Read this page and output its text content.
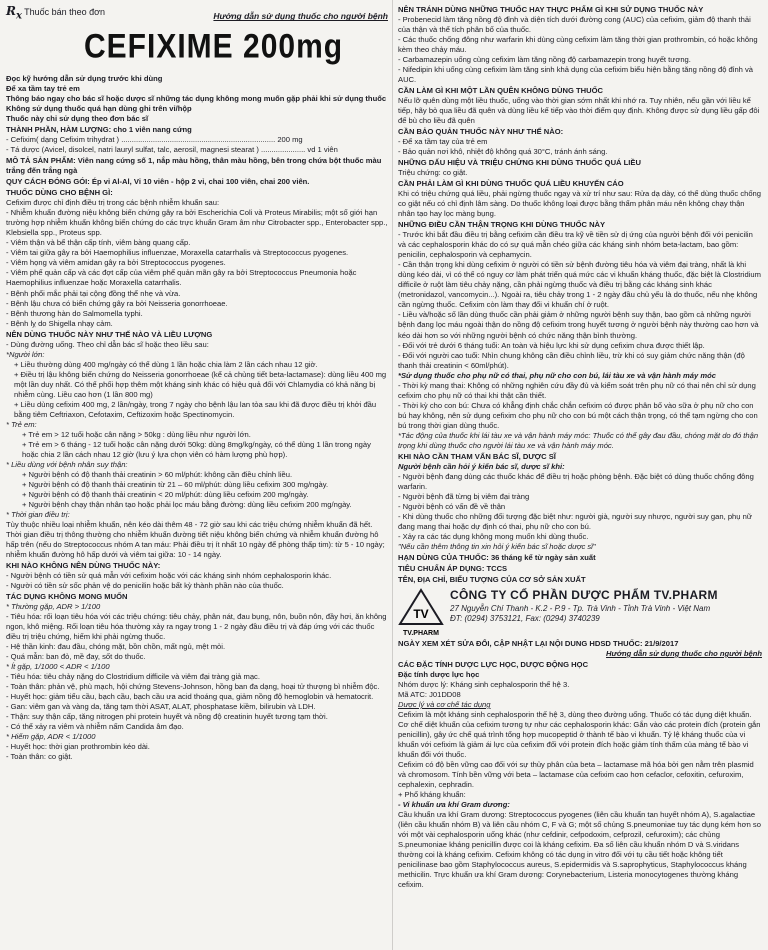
$R_x$ Thuốc bán theo đơn	Hướng dẫn sử dụng thuốc cho người bệnh
CEFIXIME 200mg

Đọc kỹ hướng dẫn sử dụng trước khi dùng

Để xa tầm tay trẻ em

Thông báo ngay cho bác sĩ hoặc dược sĩ những tác dụng không mong muốn gặp phải khi sử dụng thuốc

Không sử dụng thuốc quá hạn dùng ghi trên vỉ/hộp

Thuốc này chỉ sử dụng theo đơn bác sĩ

THÀNH PHẦN, HÀM LƯỢNG: cho 1 viên nang cứng

- Cefixim( dạng Cefixim trihydrat ) ......................................................................... 200 mg

- Tá dược (Avicel, disolcel, natri lauryl sulfat, talc, aerosil, magnesi stearat ) ..................... vd 1 viên

MÔ TẢ SẢN PHẨM: Viên nang cứng số 1, nắp màu hồng, thân màu hồng, bên trong chứa bột thuốc màu trắng đến trắng ngà

QUY CÁCH ĐÓNG GÓI: Ép vỉ Al-Al, Vỉ 10 viên - hộp 2 vỉ, chai 100 viên, chai 200 viên.

THUỐC DÙNG CHO BỆNH GÌ:

Cefixim được chỉ định điều trị trong các bệnh nhiễm khuẩn sau:

- Nhiễm khuẩn đường niệu không biến chứng gây ra bởi Escherichia Coli và Proteus Mirabilis; một số giới hạn trường hợp nhiễm khuẩn không biến chứng do các trực khuẩn Gram âm như Citrobacter spp., Enterobacter spp., Klebsiella spp., Proteus spp.

- Viêm thận và bể thận cấp tính, viêm bàng quang cấp.

- Viêm tai giữa gây ra bởi Haemophilius influenzae, Moraxella catarrhalis và Streptococcus pyogenes.

- Viêm họng và viêm amidan gây ra bởi Streptococcus pyogenes.

- Viêm phế quản cấp và các đợt cấp của viêm phế quản mãn gây ra bởi Streptococcus Pneumonia hoặc Haemophilius influenzae hoặc Moraxella catarrhalis.

- Bệnh phổi mắc phải tại cộng đồng thể nhẹ và vừa.

- Bệnh lậu chưa có biến chứng gây ra bởi Neisseria gonorrhoeae.

- Bệnh thương hàn do Salmomella typhi.

- Bệnh lỵ do Shigella nhạy cảm.

NÊN DÙNG THUỐC NÀY NHƯ THẾ NÀO VÀ LIỀU LƯỢNG

- Dùng đường uống. Theo chỉ dẫn bác sĩ hoặc theo liều sau:

*Người lớn:

+ Liều thường dùng 400 mg/ngày có thể dùng 1 lần hoặc chia làm 2 lần cách nhau 12 giờ.

+ Điều trị lậu không biến chứng do Neisseria gonorrhoeae (kể cả chủng tiết beta-lactamase): dùng liều 400 mg một lần duy nhất. Có thể phối hợp thêm một kháng sinh khác có hiệu quả đối với Chlamydia có khả năng bị nhiễm cùng. Liều cao hơn (1 lần 800 mg)

+ Liều dùng cefixim 400 mg, 2 lần/ngày, trong 7 ngày cho bệnh lậu lan tỏa sau khi đã được điều trị khởi đầu bằng tiêm Ceftriaxon, Cefotaxim, Ceftizoxim hoặc Spectinomycin.

* Trẻ em:

+ Trẻ em > 12 tuổi hoặc cân nặng > 50kg : dùng liều như người lớn.

+ Trẻ em > 6 tháng - 12 tuổi hoặc cân nặng dưới 50kg: dùng 8mg/kg/ngày, có thể dùng 1 lần trong ngày hoặc chia 2 lần cách nhau 12 giờ (lưu ý lựa chọn viên có hàm lượng phù hợp).

* Liều dùng với bệnh nhân suy thận:

+ Người bệnh có độ thanh thải creatinin > 60 ml/phút: không cần điều chỉnh liều.

+ Người bệnh có độ thanh thải creatinin từ 21 – 60 ml/phút: dùng liều cefixim 300 mg/ngày.

+ Người bệnh có độ thanh thải creatinin < 20 ml/phút: dùng liều cefixim 200 mg/ngày.

+ Người bệnh chạy thận nhân tạo hoặc phải lọc máu bằng đường: dùng liều cefixim 200 mg/ngày.

* Thời gian điều trị:

Tùy thuộc nhiều loại nhiễm khuẩn, nên kéo dài thêm 48 - 72 giờ sau khi các triệu chứng nhiễm khuẩn đã hết. Thời gian điều trị thông thường cho nhiễm khuẩn đường tiết niệu không biến chứng và nhiễm khuẩn đường hô hấp trên (nếu do Streptococcus nhóm A tan máu: Phải điều trị ít nhất 10 ngày để phòng thấp tim): từ 5 - 10 ngày; nhiễm khuẩn đường hô hấp dưới và viêm tai giữa: 10 - 14 ngày.

KHI NÀO KHÔNG NÊN DÙNG THUỐC NÀY:

- Người bệnh có tiền sử quá mẫn với cefixim hoặc với các kháng sinh nhóm cephalosporin khác.

- Người có tiền sử sốc phản vệ do penicilin hoặc bất kỳ thành phần nào của thuốc.

TÁC DỤNG KHÔNG MONG MUỐN

* Thường gặp, ADR > 1/100

- Tiêu hóa: rối loạn tiêu hóa với các triệu chứng: tiêu chảy, phân nát, đau bụng, nôn, buồn nôn, đầy hơi, ăn không ngon, khô miệng. Rối loạn tiêu hóa thường xảy ra ngay trong 1 - 2 ngày đầu điều trị và đáp ứng với các thuốc điều trị triệu chứng, hiếm khi phải ngừng thuốc.

- Hệ thần kinh: đau đầu, chóng mặt, bồn chồn, mất ngủ, mệt mỏi.

- Quá mẫn: ban đỏ, mề đay, sốt do thuốc.

* Ít gặp, 1/1000 < ADR < 1/100

- Tiêu hóa: tiêu chảy nặng do Clostridium difficile và viêm đại tràng giả mạc.

- Toàn thân: phản vệ, phù mạch, hội chứng Stevens-Johnson, hồng ban đa dạng, hoại tử thượng bì nhiễm độc.

- Huyết học: giảm tiểu cầu, bạch cầu, bạch cầu ưa acid thoáng qua, giảm nồng độ hemoglobin và hematocrit.

- Gan: viêm gan và vàng da, tăng tạm thời ASAT, ALAT, phosphatase kiềm, bilirubin và LDH.

- Thận: suy thận cấp, tăng nitrogen phi protein huyết và nồng độ creatinin huyết tương tạm thời.

- Có thể xảy ra viêm và nhiễm nấm Candida âm đạo.

* Hiếm gặp, ADR < 1/1000

- Huyết học: thời gian prothrombin kéo dài.

- Toàn thân: co giật.

NÊN TRÁNH DÙNG NHỮNG THUỐC HAY THỰC PHẨM GÌ KHI SỬ DỤNG THUỐC NÀY

- Probenecid làm tăng nồng độ đỉnh và diện tích dưới đường cong (AUC) của cefixim, giảm độ thanh thải của thận và thể tích phân bố của thuốc.

- Các thuốc chống đông như warfarin khi dùng cùng cefixim làm tăng thời gian prothrombin, có hoặc không kèm theo chảy máu.

- Carbamazepin uống cùng cefixim làm tăng nồng độ carbamazepin trong huyết tương.

- Nifedipin khi uống cùng cefixim làm tăng sinh khả dụng của cefixim biểu hiện bằng tăng nồng độ đỉnh và AUC.

CẦN LÀM GÌ KHI MỘT LẦN QUÊN KHÔNG DÙNG THUỐC

Nếu lỡ quên dùng một liều thuốc, uống vào thời gian sớm nhất khi nhớ ra. Tuy nhiên, nếu gần với liều kế tiếp, hãy bỏ qua liều đã quên và dùng liều kế tiếp vào thời điểm quy định. Không được sử dụng liều gấp đôi để bù cho liều đã quên

CẦN BẢO QUẢN THUỐC NÀY NHƯ THẾ NÀO:

- Để xa tầm tay của trẻ em

- Bảo quản nơi khô, nhiệt độ không quá 30°C, tránh ánh sáng.

NHỮNG DẤU HIỆU VÀ TRIỆU CHỨNG KHI DÙNG THUỐC QUÁ LIỀU

Triệu chứng: co giật.

CẦN PHẢI LÀM GÌ KHI DÙNG THUỐC QUÁ LIỀU KHUYẾN CÁO

Khi có triệu chứng quá liều, phải ngừng thuốc ngay và xử trí như sau: Rửa dạ dày, có thể dùng thuốc chống co giật nếu có chỉ định lâm sàng. Do thuốc không loại được bằng thẩm phân máu nên không chạy thận nhân tạo hay lọc màng bụng.

NHỮNG ĐIỀU CẦN THẬN TRỌNG KHI DÙNG THUỐC NÀY

- Trước khi bắt đầu điều trị bằng cefixim cần điều tra kỹ về tiền sử dị ứng của người bệnh đối với penicilin và các cephalosporin khác do có sự quá mẫn chéo giữa các kháng sinh nhóm beta-lactam, bao gồm: penicilin, cephalosporin và cephamycin.

- Cần thận trọng khi dùng cefixim ở người có tiền sử bệnh đường tiêu hóa và viêm đại tràng, nhất là khi dùng kéo dài, vì có thể có nguy cơ làm phát triển quá mức các vi khuẩn kháng thuốc, đặc biệt là Clostridium difficile ở ruột làm tiêu chảy nặng, cần phải ngừng thuốc và điều trị bằng các kháng sinh khác (metronidazol, vancomycin...). Ngoài ra, tiêu chảy trong 1 - 2 ngày đầu chủ yếu là do thuốc, nếu nhẹ không cần ngừng thuốc. Cefixim còn làm thay đổi vi khuẩn chí ở ruột.

- Liều và/hoặc số lần dùng thuốc cần phải giảm ở những người bệnh suy thận, bao gồm cả những người bệnh đang lọc máu ngoài thận do nồng độ cefixim trong huyết tương ở người bệnh này thường cao hơn và kéo dài hơn so với những người bệnh có chức năng thận bình thường.

- Đối với trẻ dưới 6 tháng tuổi: An toàn và hiệu lực khi sử dụng cefixim chưa được thiết lập.

- Đối với người cao tuổi: Nhìn chung không cần điều chỉnh liều, trừ khi có suy giảm chức năng thận (độ thanh thải creatinin < 60ml/phút).

*Sử dụng thuốc cho phụ nữ có thai, phụ nữ cho con bú, lái tàu xe và vận hành máy móc

- Thời kỳ mang thai: Không có những nghiên cứu đầy đủ và kiểm soát trên phụ nữ có thai nên chỉ sử dụng cefixim cho phụ nữ có thai khi thật cần thiết.

- Thời kỳ cho con bú: Chưa có khẳng định chắc chắn cefixim có được phân bố vào sữa ở phụ nữ cho con bú hay không, nên sử dụng cefixim cho phụ nữ cho con bú một cách thận trọng, có thể tạm ngừng cho con bú trong thời gian dùng thuốc.

*Tác động của thuốc khi lái tàu xe và vận hành máy móc: Thuốc có thể gây đau đầu, chóng mặt do đó thận trọng khi dùng thuốc cho người lái tàu xe và vận hành máy móc.

KHI NÀO CẦN THAM VẤN BÁC SĨ, DƯỢC SĨ

Người bệnh cần hỏi ý kiến bác sĩ, dược sĩ khi:

- Người bệnh đang dùng các thuốc khác để điều trị hoặc phòng bệnh. Đặc biệt có dùng thuốc chống đông warfarin.

- Người bệnh đã từng bị viêm đại tràng

- Người bệnh có vấn đề về thận

- Khi dùng thuốc cho những đối tượng đặc biệt như: người già, người suy nhược, người suy gan, phụ nữ đang mang thai hoặc dự định có thai, phụ nữ cho con bú.

- Xảy ra các tác dụng không mong muốn khi dùng thuốc.

"Nếu cần thêm thông tin xin hỏi ý kiến bác sĩ hoặc dược sĩ"

HẠN DÙNG CỦA THUỐC: 36 tháng kể từ ngày sản xuất

TIÊU CHUẨN ÁP DỤNG: TCCS

TÊN, ĐỊA CHỈ, BIỂU TƯỢNG CỦA CƠ SỞ SẢN XUẤT

TV
TV.PHARM
CÔNG TY CỔ PHẦN DƯỢC PHẨM TV.PHARM
27 Nguyễn Chí Thanh - K.2 - P.9 - Tp. Trà Vinh - Tỉnh Trà Vinh - Việt Nam
ĐT: (0294) 3753121, Fax: (0294) 3740239

NGÀY XEM XÉT SỬA ĐỔI, CẬP NHẬT LẠI NỘI DUNG HDSD THUỐC: 21/9/2017

Hướng dẫn sử dụng thuốc cho người bệnh

CÁC ĐẶC TÍNH DƯỢC LỰC HỌC, DƯỢC ĐỘNG HỌC

Đặc tính dược lực học

Nhóm dược lý: Kháng sinh cephalosporin thế hệ 3.

Mã ATC: J01DD08

Dược lý và cơ chế tác dụng

Cefixim là một kháng sinh cephalosporin thế hệ 3, dùng theo đường uống. Thuốc có tác dụng diệt khuẩn. Cơ chế diệt khuẩn của cefixim tương tự như các cephalosporin khác: Gắn vào các protein đích (protein gắn penicillin), gây ức chế quá trình tổng hợp mucopeptid ở thành tế bào vi khuẩn. Tỷ lệ kháng thuốc của vi khuẩn với cefixim là giảm ái lực của cefixim đối với protein đích hoặc giảm tính thấm của màng tế bào vi khuẩn đối với thuốc.

Cefixim có độ bền vững cao đối với sự thủy phân của beta – lactamase mã hóa bởi gen nằm trên plasmid và chromosom. Tính bền vững với beta – lactamase của cefixim cao hơn cefaclor, cefoxitin, cefuroxim, cephalexin, cephradin.

+ Phổ kháng khuẩn:

- Vi khuẩn ưa khí Gram dương:

Cầu khuẩn ưa khí Gram dương: Streptococcus pyogenes (liên cầu khuẩn tan huyết nhóm A), S.agalactiae (liên cầu khuẩn nhóm B) và liên cầu nhóm C, F và G; một số chủng S.pneumoniae tuy tác dụng kém hơn so với một vài cephalosporin uống khác (như cefdinir, cefpodoxim, cefprozil, cefuroxim); các chủng S.pneumoniae kháng penicillin được coi là kháng cefixim. Đa số liên cầu khuẩn nhóm D và S.viridans thường coi là kháng cefixim. Cefixim không có tác dụng in vitro đối với tụ cầu tiết hoặc không tiết penicilinase bao gồm Staphylococcus aureus, S.epidermidis và S.saprophyticus, Staphylococcus kháng methicilin. Trực khuẩn ưa khí Gram dương: Corynebacterium, Listeria monocytogenes thường kháng cefixim.
